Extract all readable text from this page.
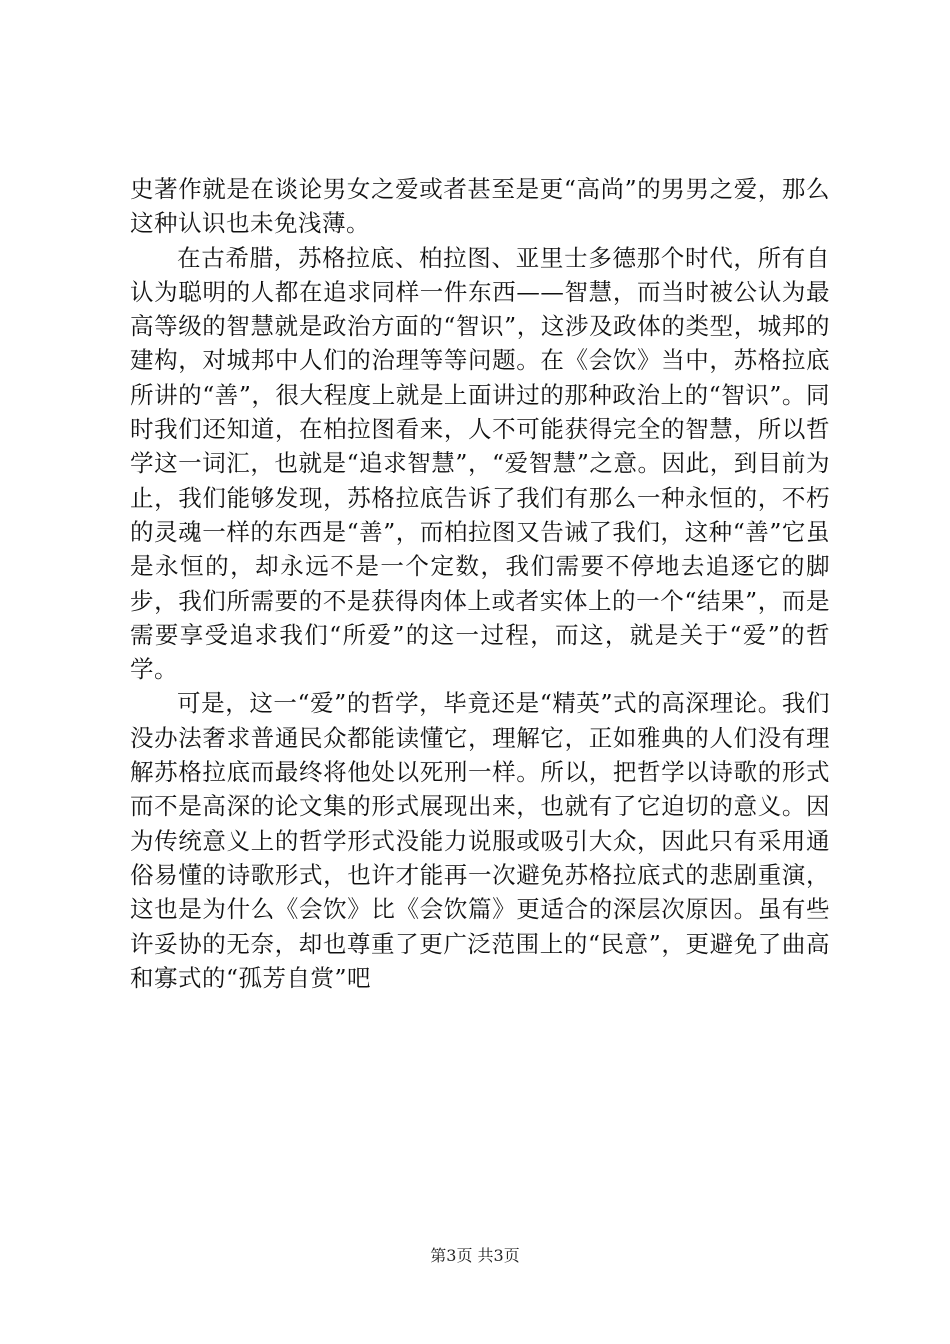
史著作就是在谈论男女之爱或者甚至是更“高尚”的男男之爱，那么这种认识也未免浅薄。

在古希腊，苏格拉底、柏拉图、亚里士多德那个时代，所有自认为聪明的人都在追求同样一件东西——智慧，而当时被公认为最高等级的智慧就是政治方面的“智识”，这涉及政体的类型，城邦的建构，对城邦中人们的治理等等问题。在《会饮》当中，苏格拉底所讲的“善”，很大程度上就是上面讲过的那种政治上的“智识”。同时我们还知道，在柏拉图看来，人不可能获得完全的智慧，所以哲学这一词汇，也就是“追求智慧”，“爱智慧”之意。因此，到目前为止，我们能够发现，苏格拉底告诉了我们有那么一种永恒的，不朽的灵魂一样的东西是“善”，而柏拉图又告诫了我们，这种“善”它虽是永恒的，却永远不是一个定数，我们需要不停地去追逐它的脚步，我们所需要的不是获得肉体上或者实体上的一个“结果”，而是需要享受追求我们“所爱”的这一过程，而这，就是关于“爱”的哲学。

可是，这一“爱”的哲学，毕竟还是“精英”式的高深理论。我们没办法奢求普通民众都能读懂它，理解它，正如雅典的人们没有理解苏格拉底而最终将他处以死刑一样。所以，把哲学以诗歌的形式而不是高深的论文集的形式展现出来，也就有了它迫切的意义。因为传统意义上的哲学形式没能力说服或吸引大众，因此只有采用通俗易懂的诗歌形式，也许才能再一次避免苏格拉底式的悲剧重演，这也是为什么《会饮》比《会饮篇》更适合的深层次原因。虽有些许妥协的无奈，却也尊重了更广泛范围上的“民意”，更避免了曲高和寡式的“孤芳自赏”吧

第3页 共3页
